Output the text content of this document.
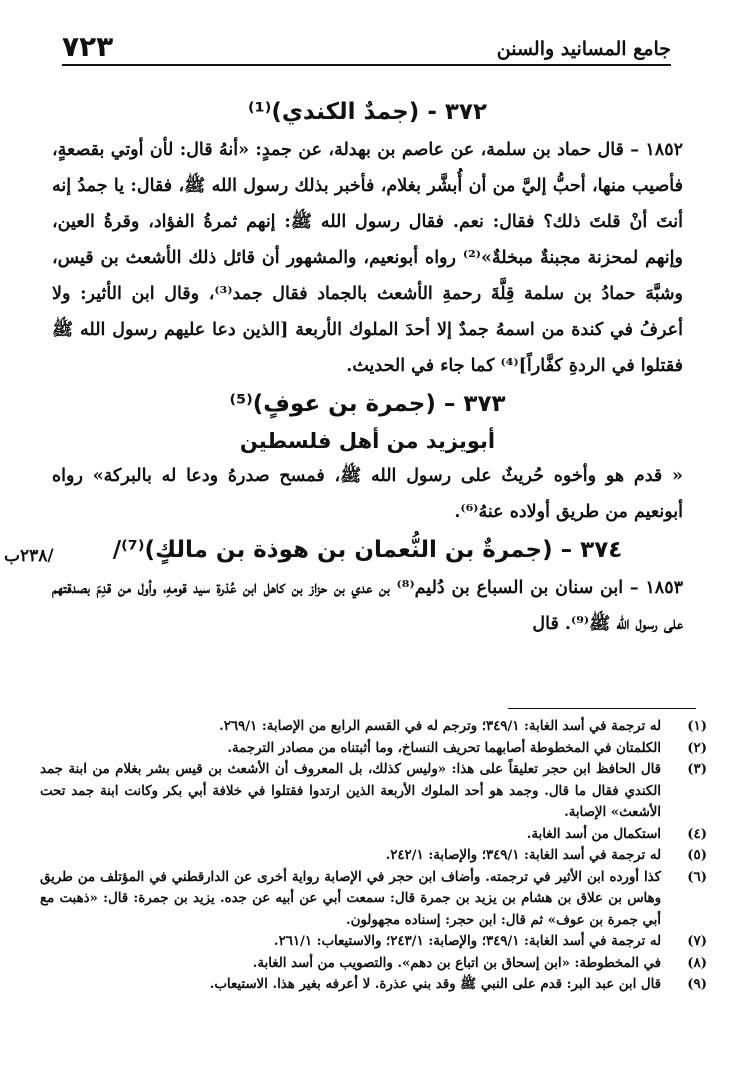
٧٢٣	جامع المسانيد والسنن
/٢٣٨ب
٣٧٢ - (جمدٌ الكندي)⁽¹⁾

١٨٥٢ – قال حماد بن سلمة، عن عاصم بن بهدلة، عن جمدٍ: «أنهُ قال: لأن أوتي بقصعةٍ، فأصيب منها، أحبُّ إليَّ من أن أُبشَّر بغلام، فأخبر بذلك رسول الله ﷺ، فقال: يا جمدُ إنه أنتَ أنْ قلتَ ذلك؟ فقال: نعم. فقال رسول الله ﷺ: إنهم ثمرةُ الفؤاد، وقرةُ العين، وإنهم لمحزنة مجبنةٌ مبخلةٌ»⁽²⁾ رواه أبونعيم، والمشهور أن قائل ذلك الأشعث بن قيس، وشبَّهَ حمادُ بن سلمة قِلَّةَ رحمةِ الأشعث بالجماد فقال جمد⁽³⁾، وقال ابن الأثير: ولا أعرفُ في كندة من اسمهُ جمدٌ إلا أحدَ الملوك الأربعة [الذين دعا عليهم رسول الله ﷺ فقتلوا في الردةِ كفَّاراً]⁽⁴⁾ كما جاء في الحديث.

٣٧٣ – (جمرة بن عوفٍ)⁽⁵⁾
أبويزيد من أهل فلسطين

« قدم هو وأخوه حُريثٌ على رسول الله ﷺ، فمسح صدرهُ ودعا له بالبركة» رواه أبونعيم من طريق أولاده عنهُ⁽⁶⁾.

٣٧٤ – (جمرةٌ بن النُّعمان بن هوذة بن مالكٍ)⁽⁷⁾/

١٨٥٣ – ابن سنان بن السباع بن دُليم⁽⁸⁾ بن عدي بن حزاز بن كاهل ابن عُذرة سيد قومهِ، وأول من قدِمَ بصدقتهم على رسول الله ﷺ⁽⁹⁾. قال

(١)
له ترجمة في أسد الغابة: ٣٤٩/١؛ وترجم له في القسم الرابع من الإصابة: ٢٦٩/١.
(٢)
الكلمتان في المخطوطة أصابهما تحريف النساخ، وما أثبتناه من مصادر الترجمة.
(٣)
قال الحافظ ابن حجر تعليقاً على هذا: «وليس كذلك، بل المعروف أن الأشعث بن قيس بشر بغلام من ابنة جمد الكندي فقال ما قال. وجمد هو أحد الملوك الأربعة الذين ارتدوا فقتلوا في خلافة أبي بكر وكانت ابنة جمد تحت الأشعث» الإصابة.
(٤)
استكمال من أسد الغابة.
(٥)
له ترجمة في أسد الغابة: ٣٤٩/١؛ والإصابة: ٢٤٢/١.
(٦)
كذا أورده ابن الأثير في ترجمته. وأضاف ابن حجر في الإصابة رواية أخرى عن الدارقطني في المؤتلف من طريق وهاس بن علاق بن هشام بن يزيد بن جمرة قال: سمعت أبي عن أبيه عن جده. يزيد بن جمرة: قال: «ذهبت مع أبي جمرة بن عوف» ثم قال: ابن حجر: إسناده مجهولون.
(٧)
له ترجمة في أسد الغابة: ٣٤٩/١؛ والإصابة: ٢٤٣/١؛ والاستيعاب: ٢٦١/١.
(٨)
في المخطوطة: «ابن إسحاق بن اتباع بن دهم». والتصويب من أسد الغابة.
(٩)
قال ابن عبد البر: قدم على النبي ﷺ وقد بني عذرة. لا أعرفه بغير هذا. الاستيعاب.
